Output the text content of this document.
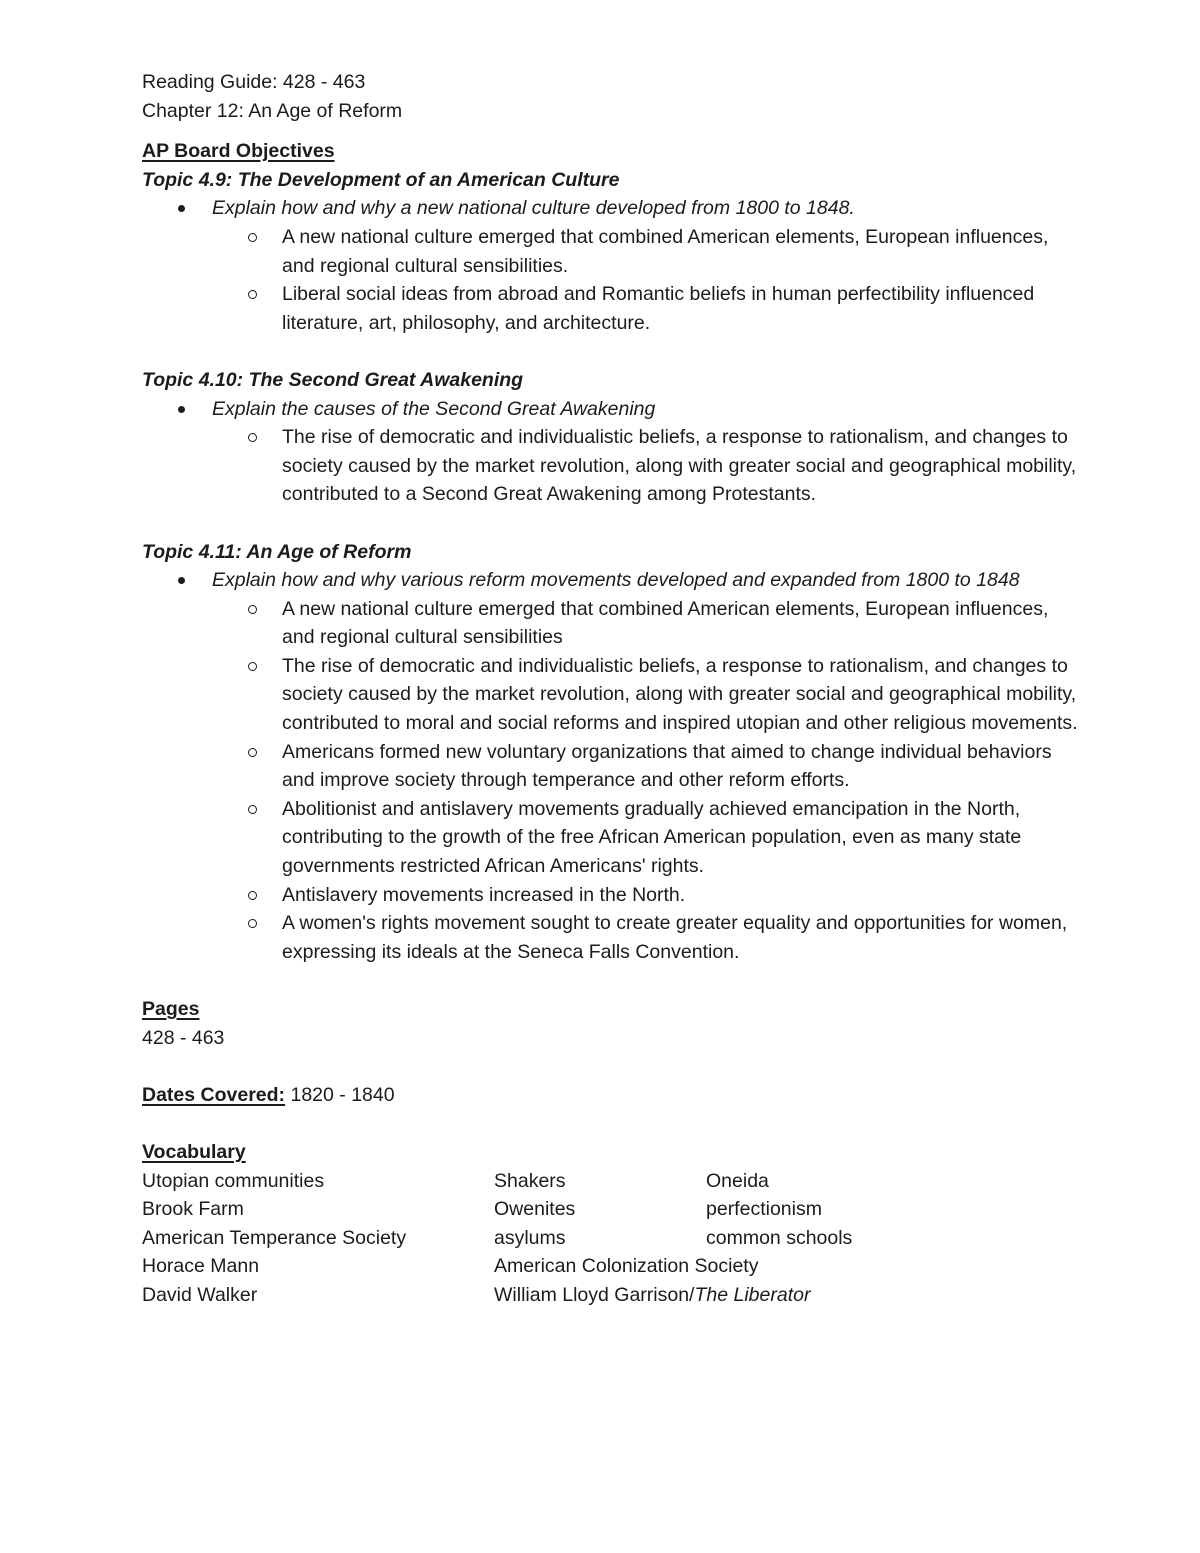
Reading Guide: 428 - 463
Chapter 12: An Age of Reform
AP Board Objectives
Topic 4.9: The Development of an American Culture
Explain how and why a new national culture developed from 1800 to 1848.
A new national culture emerged that combined American elements, European influences, and regional cultural sensibilities.
Liberal social ideas from abroad and Romantic beliefs in human perfectibility influenced literature, art, philosophy, and architecture.
Topic 4.10: The Second Great Awakening
Explain the causes of the Second Great Awakening
The rise of democratic and individualistic beliefs, a response to rationalism, and changes to society caused by the market revolution, along with greater social and geographical mobility, contributed to a Second Great Awakening among Protestants.
Topic 4.11: An Age of Reform
Explain how and why various reform movements developed and expanded from 1800 to 1848
A new national culture emerged that combined American elements, European influences, and regional cultural sensibilities
The rise of democratic and individualistic beliefs, a response to rationalism, and changes to society caused by the market revolution, along with greater social and geographical mobility, contributed to moral and social reforms and inspired utopian and other religious movements.
Americans formed new voluntary organizations that aimed to change individual behaviors and improve society through temperance and other reform efforts.
Abolitionist and antislavery movements gradually achieved emancipation in the North, contributing to the growth of the free African American population, even as many state governments restricted African Americans' rights.
Antislavery movements increased in the North.
A women's rights movement sought to create greater equality and opportunities for women, expressing its ideals at the Seneca Falls Convention.
Pages
428 - 463
Dates Covered: 1820 - 1840
Vocabulary
Utopian communities	Shakers	Oneida
Brook Farm	Owenites	perfectionism
American Temperance Society	asylums	common schools
Horace Mann	American Colonization Society
David Walker	William Lloyd Garrison/The Liberator
